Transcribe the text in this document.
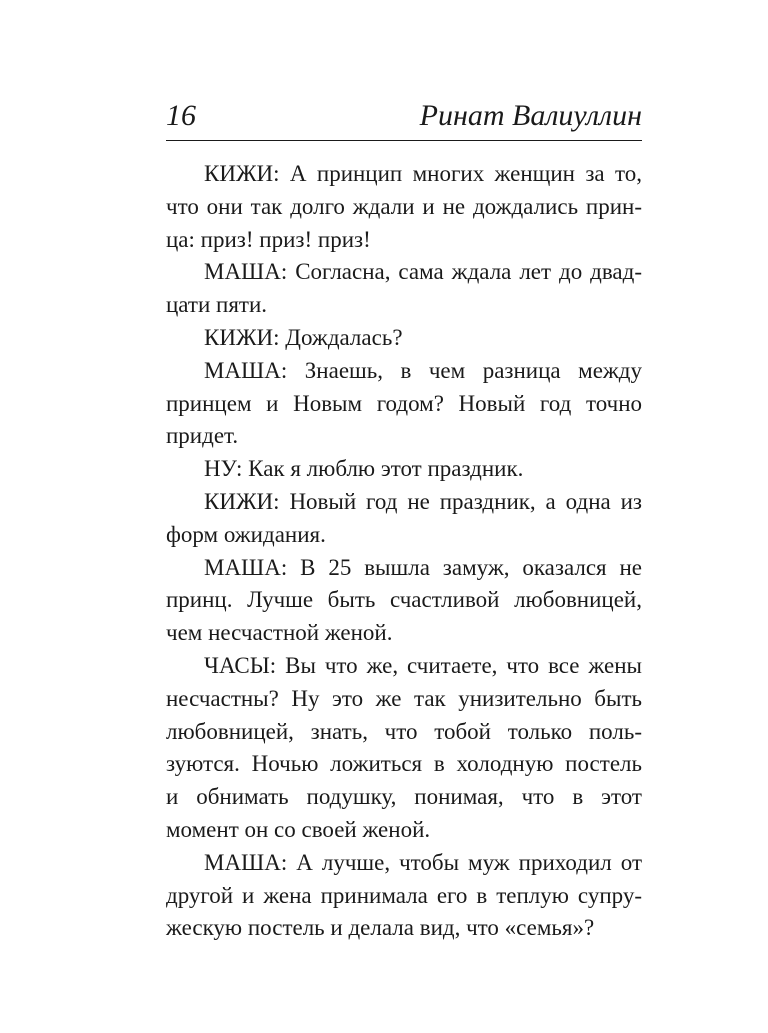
16	Ринат Валиуллин
КИЖИ: А принцип многих женщин за то,
что они так долго ждали и не дождались прин-
ца: приз! приз! приз!
МАША: Согласна, сама ждала лет до двад-
цати пяти.
КИЖИ: Дождалась?
МАША: Знаешь, в чем разница между
принцем и Новым годом? Новый год точно
придет.
НУ: Как я люблю этот праздник.
КИЖИ: Новый год не праздник, а одна из
форм ожидания.
МАША: В 25 вышла замуж, оказался не
принц. Лучше быть счастливой любовницей,
чем несчастной женой.
ЧАСЫ: Вы что же, считаете, что все жены
несчастны? Ну это же так унизительно быть
любовницей, знать, что тобой только поль-
зуются. Ночью ложиться в холодную постель
и обнимать подушку, понимая, что в этот
момент он со своей женой.
МАША: А лучше, чтобы муж приходил от
другой и жена принимала его в теплую супру-
жескую постель и делала вид, что «семья»?
